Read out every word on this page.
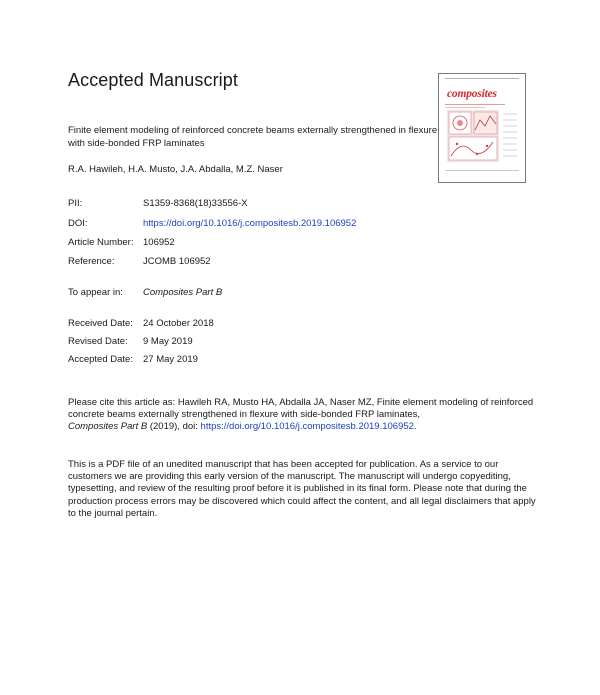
Accepted Manuscript
composites
Finite element modeling of reinforced concrete beams externally strengthened in flexure with side-bonded FRP laminates
R.A. Hawileh, H.A. Musto, J.A. Abdalla, M.Z. Naser
PII:	S1359-8368(18)33556-X
DOI:	https://doi.org/10.1016/j.compositesb.2019.106952
Article Number: 106952
Reference:	JCOMB 106952
To appear in: Composites Part B
Received Date: 24 October 2018
Revised Date: 9 May 2019
Accepted Date: 27 May 2019
Please cite this article as: Hawileh RA, Musto HA, Abdalla JA, Naser MZ, Finite element modeling of reinforced concrete beams externally strengthened in flexure with side-bonded FRP laminates,
Composites Part B (2019), doi: https://doi.org/10.1016/j.compositesb.2019.106952.
This is a PDF file of an unedited manuscript that has been accepted for publication. As a service to our customers we are providing this early version of the manuscript. The manuscript will undergo copyediting, typesetting, and review of the resulting proof before it is published in its final form. Please note that during the production process errors may be discovered which could affect the content, and all legal disclaimers that apply to the journal pertain.
